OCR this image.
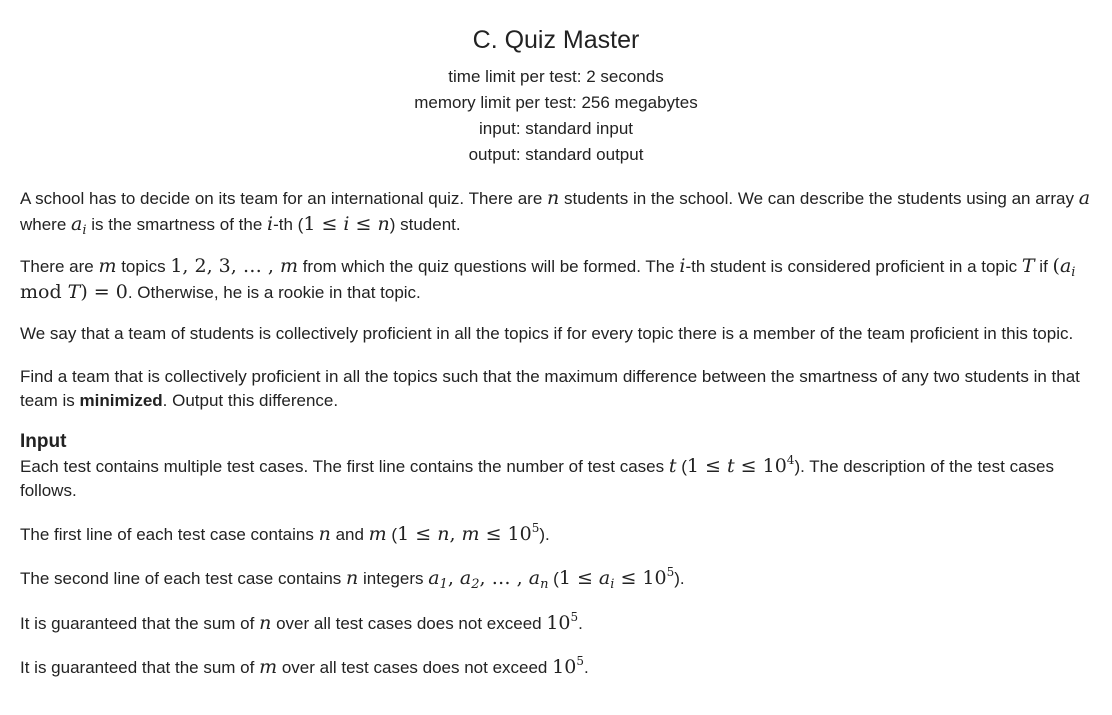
C. Quiz Master
time limit per test: 2 seconds
memory limit per test: 256 megabytes
input: standard input
output: standard output

A school has to decide on its team for an international quiz. There are n students in the school. We can describe the students using an array a where $a_i$ is the smartness of the i-th (1 ≤ i ≤ n) student.

There are m topics 1, 2, 3, … , m from which the quiz questions will be formed. The i-th student is considered proficient in a topic T if ($a_i$ mod T) = 0. Otherwise, he is a rookie in that topic.

We say that a team of students is collectively proficient in all the topics if for every topic there is a member of the team proficient in this topic.

Find a team that is collectively proficient in all the topics such that the maximum difference between the smartness of any two students in that team is minimized. Output this difference.

Input

Each test contains multiple test cases. The first line contains the number of test cases t $(1 \le t \le 10^4)$. The description of the test cases follows.

The first line of each test case contains n and m (1 ≤ n, $m \le 10^5$).

The second line of each test case contains n integers $a_1$, $a_2$, … , $a_n$ $(1 \le a_i \le 10^5)$.

It is guaranteed that the sum of n over all test cases does not exceed $10^5$.

It is guaranteed that the sum of m over all test cases does not exceed $10^5$.
